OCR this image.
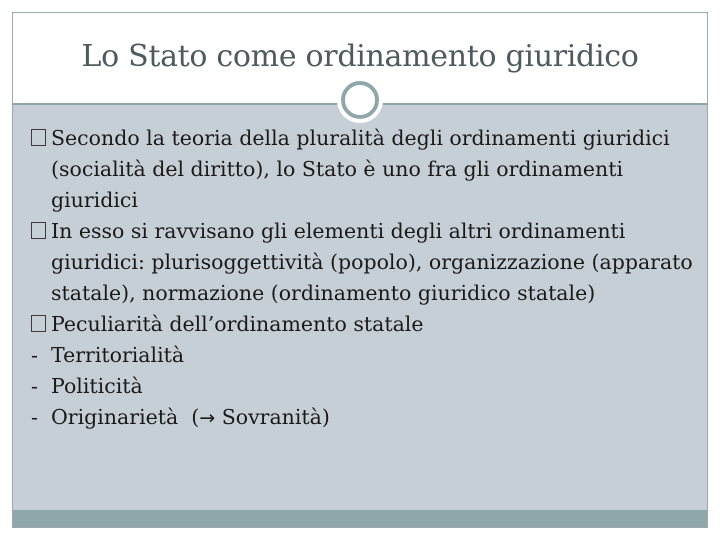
Lo Stato come ordinamento giuridico

Secondo la teoria della pluralità degli ordinamenti giuridici (socialità del diritto), lo Stato è uno fra gli ordinamenti giuridici

In esso si ravvisano gli elementi degli altri ordinamenti giuridici: plurisoggettività (popolo), organizzazione (apparato statale), normazione (ordinamento giuridico statale)

Peculiarità dell’ordinamento statale

- Territorialità
- Politicità
- Originarietà  (→ Sovranità)
